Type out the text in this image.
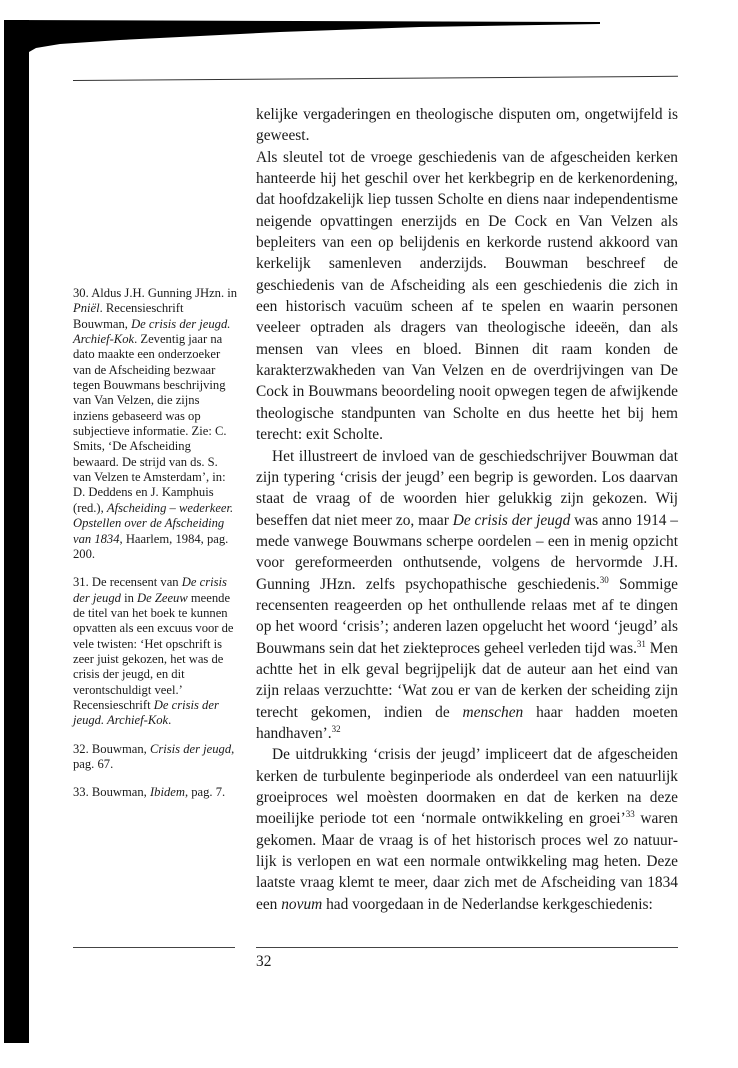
30. Aldus J.H. Gunning JHzn. in Pniël. Recensieschrift Bouwman, De crisis der jeugd. Archief-Kok. Zeventig jaar na dato maakte een onderzoeker van de Afscheiding bezwaar tegen Bouwmans beschrijving van Van Velzen, die zijns inziens gebaseerd was op subjectieve informatie. Zie: C. Smits, ‘De Afscheiding bewaard. De strijd van ds. S. van Velzen te Amsterdam’, in: D. Deddens en J. Kamphuis (red.), Afscheiding – wederkeer. Opstellen over de Afscheiding van 1834, Haarlem, 1984, pag. 200.

31. De recensent van De crisis der jeugd in De Zeeuw meende de titel van het boek te kunnen opvatten als een excuus voor de vele twisten: ‘Het opschrift is zeer juist gekozen, het was de crisis der jeugd, en dit verontschuldigt veel.’ Recensieschrift De crisis der jeugd. Archief-Kok.

32. Bouwman, Crisis der jeugd, pag. 67.

33. Bouwman, Ibidem, pag. 7.

kelijke vergaderingen en theologische disputen om, ongetwijfeld is geweest.

Als sleutel tot de vroege geschiedenis van de afgescheiden kerken hanteerde hij het geschil over het kerkbegrip en de kerkenordening, dat hoofdzakelijk liep tussen Scholte en diens naar independentisme neigende opvattingen enerzijds en De Cock en Van Velzen als bepleiters van een op belijdenis en kerkorde rustend akkoord van kerkelijk samenleven anderzijds. Bouwman beschreef de geschiedenis van de Afscheiding als een geschiedenis die zich in een historisch vacuüm scheen af te spelen en waarin personen veeleer optraden als dragers van theologische ideeën, dan als mensen van vlees en bloed. Binnen dit raam konden de karakterzwakheden van Van Velzen en de overdrijvingen van De Cock in Bouwmans beoordeling nooit opwegen tegen de afwijkende theologische standpunten van Scholte en dus heette het bij hem terecht: exit Scholte.

Het illustreert de invloed van de geschiedschrijver Bouwman dat zijn typering ‘crisis der jeugd’ een begrip is geworden. Los daarvan staat de vraag of de woorden hier gelukkig zijn gekozen. Wij beseffen dat niet meer zo, maar De crisis der jeugd was anno 1914 – mede vanwege Bouwmans scherpe oordelen – een in menig opzicht voor gereformeerden onthutsende, volgens de hervormde J.H. Gunning JHzn. zelfs psychopathische geschiedenis.$^{30}$ Sommige recensenten reageerden op het onthullende relaas met af te dingen op het woord ‘crisis’; anderen lazen opgelucht het woord ‘jeugd’ als Bouwmans sein dat het ziekteproces geheel verleden tijd was.$^{31}$ Men achtte het in elk geval begrijpelijk dat de auteur aan het eind van zijn relaas verzuchtte: ‘Wat zou er van de kerken der scheiding zijn terecht gekomen, indien de menschen haar hadden moeten handhaven’.$^{32}$

De uitdrukking ‘crisis der jeugd’ impliceert dat de afgescheiden kerken de turbulente beginperiode als onderdeel van een natuurlijk groeiproces wel moèsten doormaken en dat de kerken na deze moeilijke periode tot een ‘normale ontwikkeling en groei’$^{33}$ waren gekomen. Maar de vraag is of het historisch proces wel zo natuurlijk is verlopen en wat een normale ontwikkeling mag heten. Deze laatste vraag klemt te meer, daar zich met de Afscheiding van 1834 een novum had voorgedaan in de Nederlandse kerkgeschiedenis:

32
